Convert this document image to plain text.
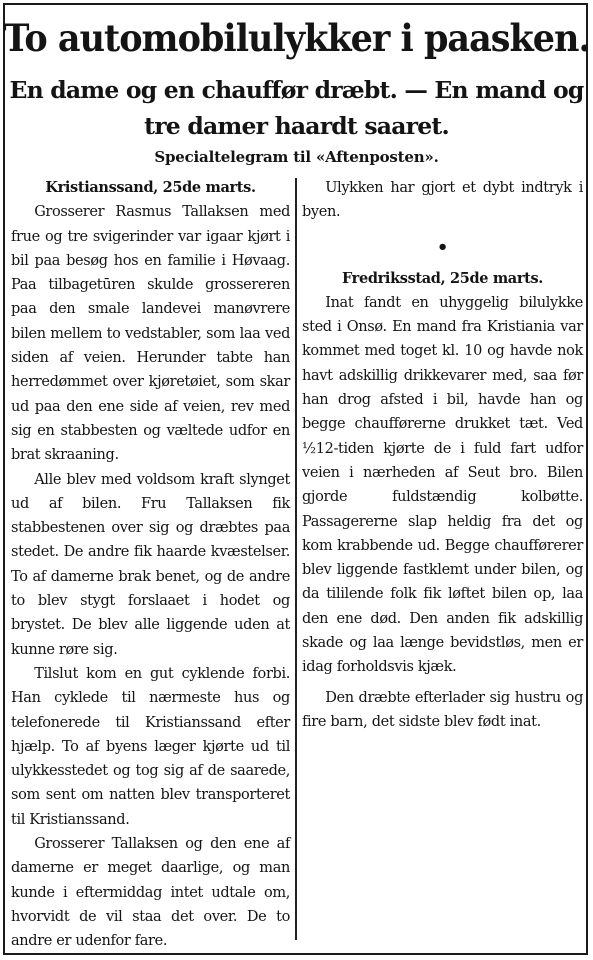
To automobilulykker i paasken.
En dame og en chauffør dræbt. — En mand og tre damer haardt saaret.
Specialtelegram til «Aftenposten».

Kristianssand, 25de marts.

Grosserer Rasmus Tallaksen med frue og tre svigerinder var igaar kjørt i bil paa besøg hos en familie i Høvaag. Paa tilbagetūren skulde grossereren paa den smale landevei manøvrere bilen mellem to vedstabler, som laa ved siden af veien. Herunder tabte han herredømmet over kjøretøiet, som skar ud paa den ene side af veien, rev med sig en stabbesten og væltede udfor en brat skraaning.

Alle blev med voldsom kraft slynget ud af bilen. Fru Tallaksen fik stabbestenen over sig og dræbtes paa stedet. De andre fik haarde kvæstelser. To af damerne brak benet, og de andre to blev stygt forslaaet i hodet og brystet. De blev alle liggende uden at kunne røre sig.

Tilslut kom en gut cyklende forbi. Han cyklede til nærmeste hus og telefonerede til Kristianssand efter hjælp. To af byens læger kjørte ud til ulykkesstedet og tog sig af de saarede, som sent om natten blev transporteret til Kristianssand.

Grosserer Tallaksen og den ene af damerne er meget daarlige, og man kunde i eftermiddag intet udtale om, hvorvidt de vil staa det over. De to andre er udenfor fare.

Ulykken har gjort et dybt indtryk i byen.

•

Fredriksstad, 25de marts.

Inat fandt en uhyggelig bilulykke sted i Onsø. En mand fra Kristiania var kommet med toget kl. 10 og havde nok havt adskillig drikkevarer med, saa før han drog afsted i bil, havde han og begge chaufførerne drukket tæt. Ved ½12-tiden kjørte de i fuld fart udfor veien i nærheden af Seut bro. Bilen gjorde fuldstændig kolbøtte. Passagererne slap heldig fra det og kom krabbende ud. Begge chaufførerer blev liggende fastklemt under bilen, og da tililende folk fik løftet bilen op, laa den ene død. Den anden fik adskillig skade og laa længe bevidstløs, men er idag forholdsvis kjæk.

Den dræbte efterlader sig hustru og fire barn, det sidste blev født inat.
